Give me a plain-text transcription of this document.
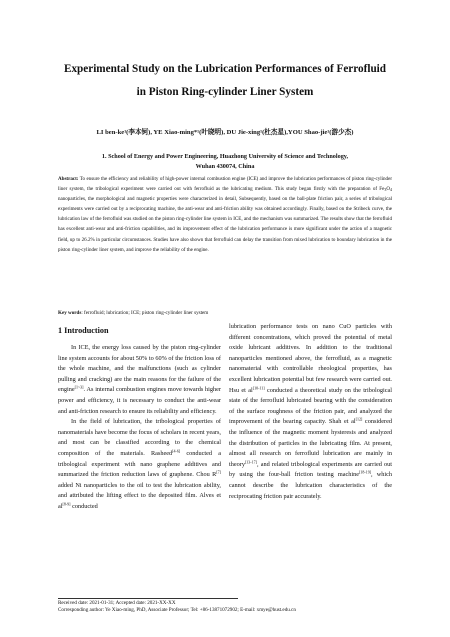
Experimental Study on the Lubrication Performances of Ferrofluid
in Piston Ring-cylinder Liner System
LI ben-ke¹(李本钶), YE Xiao-ming*¹(叶晓明), DU Jie-xing¹(杜杰星),YOU Shao-jie¹(游少杰)
1. School of Energy and Power Engineering, Huazhong University of Science and Technology,
Wuhan 430074, China
Abstract: To ensure the efficiency and reliability of high-power internal combustion engine (ICE) and improve the lubrication performances of piston ring-cylinder liner system, the tribological experiment were carried out with ferrofluid as the lubricating medium. This study began firstly with the preparation of $Fe_3O_4$ nanoparticles, the morphological and magnetic properties were characterized in detail, Subsequently, based on the ball-plate friction pair, a series of tribological experiments were carried out by a reciprocating machine, the anti-wear and anti-friction ability was obtained accordingly. Finally, based on the Stribeck curve, the lubrication law of the ferrofluid was studied on the piston ring-cylinder line system in ICE, and the mechanism was summarized. The results show that the ferrofluid has excellent anti-wear and anti-friction capabilities, and its improvement effect of the lubrication performance is more significant under the action of a magnetic field, up to 26.2% in particular circumstances. Studies have also shown that ferrofluid can delay the transition from mixed lubrication to boundary lubrication in the piston ring-cylinder liner system, and improve the reliability of the engine.
Key words: ferrofluid; lubrication; ICE; piston ring-cylinder liner system

1 Introduction

In ICE, the energy loss caused by the piston ring-cylinder line system accounts for about 50% to 60% of the friction loss of the whole machine, and the malfunctions (such as cylinder pulling and cracking) are the main reasons for the failure of the engine[1~3]. As internal combustion engines move towards higher power and efficiency, it is necessary to conduct the anti-wear and anti-friction research to ensure its reliability and efficiency.

In the field of lubrication, the tribological properties of nanomaterials have become the focus of scholars in recent years, and most can be classified according to the chemical composition of the materials. Rasheed[4-6] conducted a tribological experiment with nano graphene additives and summarized the friction reduction laws of graphene. Chou R[7] added Ni nanoparticles to the oil to test the lubrication ability, and attributed the lifting effect to the deposited film. Alves et al[8-9] conducted

lubrication performance tests on nano CuO particles with different concentrations, which proved the potential of metal oxide lubricant additives. In addition to the traditional nanoparticles mentioned above, the ferrofluid, as a magnetic nanomaterial with controllable rheological properties, has excellent lubrication potential but few research were carried out. Hsu et al[10-11] conducted a theoretical study on the tribological state of the ferrofluid lubricated bearing with the consideration of the surface roughness of the friction pair, and analyzed the improvement of the bearing capacity. Shah et al[12] considered the influence of the magnetic moment hysteresis and analyzed the distribution of particles in the lubricating film. At present, almost all research on ferrofluid lubrication are mainly in theory[13-17], and related tribological experiments are carried out by using the four-ball friction testing machine[18-19], which cannot describe the lubrication characteristics of the reciprocating friction pair accurately.

Received date: 2021-01-31; Accepted date: 2021-XX-XX
Corresponding author: Ye Xiao-ming, PhD, Associate Professor; Tel: +86-13871072902; E-mail: xmye@hust.edu.cn
